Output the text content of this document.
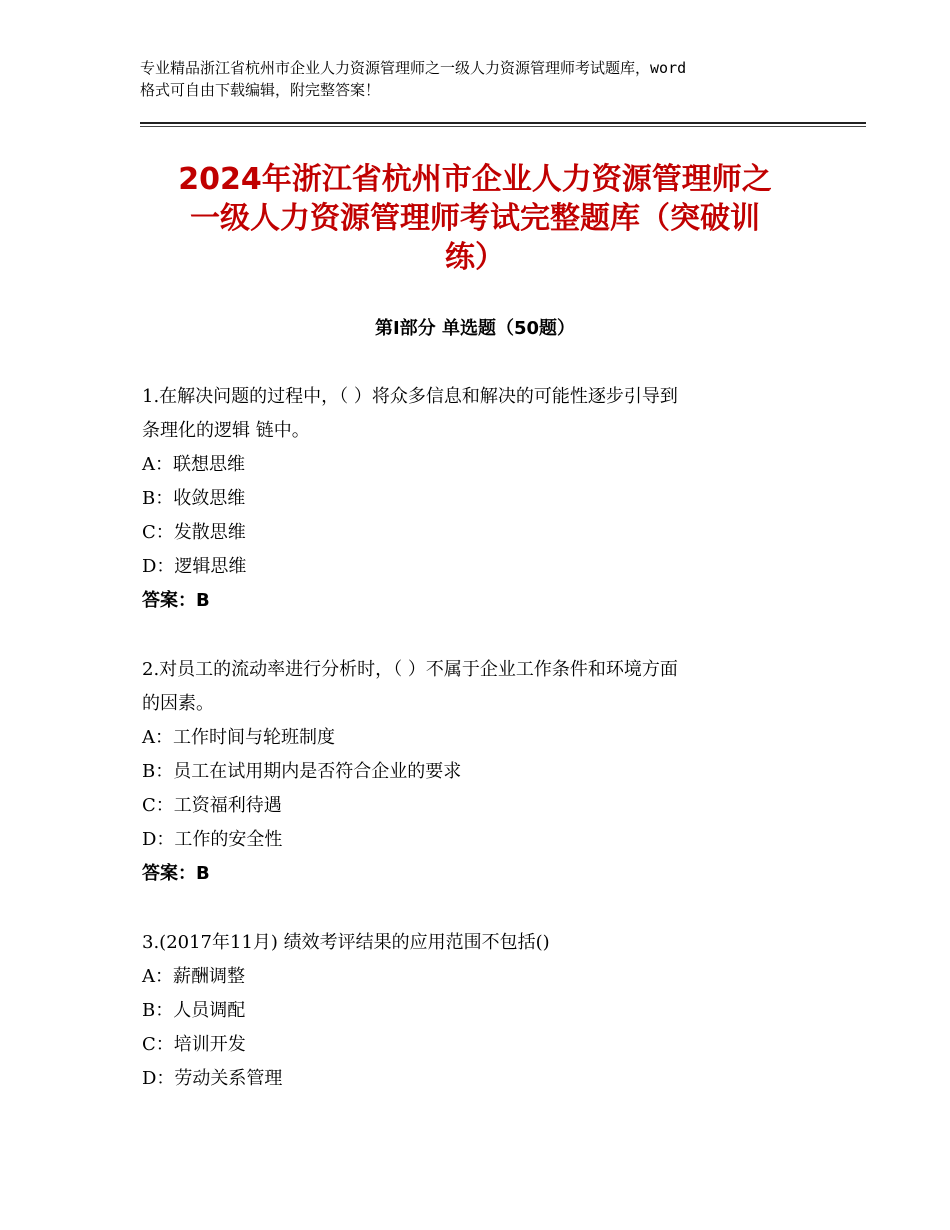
专业精品浙江省杭州市企业人力资源管理师之一级人力资源管理师考试题库，word
格式可自由下载编辑，附完整答案！
2024年浙江省杭州市企业人力资源管理师之
一级人力资源管理师考试完整题库（突破训
练）
第Ⅰ部分 单选题（50题）
1.在解决问题的过程中，（ ）将众多信息和解决的可能性逐步引导到
条理化的逻辑 链中。
A：联想思维
B：收敛思维
C：发散思维
D：逻辑思维
答案：B
2.对员工的流动率进行分析时，（ ）不属于企业工作条件和环境方面
的因素。
A：工作时间与轮班制度
B：员工在试用期内是否符合企业的要求
C：工资福利待遇
D：工作的安全性
答案：B
3.(2017年11月) 绩效考评结果的应用范围不包括()
A：薪酬调整
B：人员调配
C：培训开发
D：劳动关系管理
